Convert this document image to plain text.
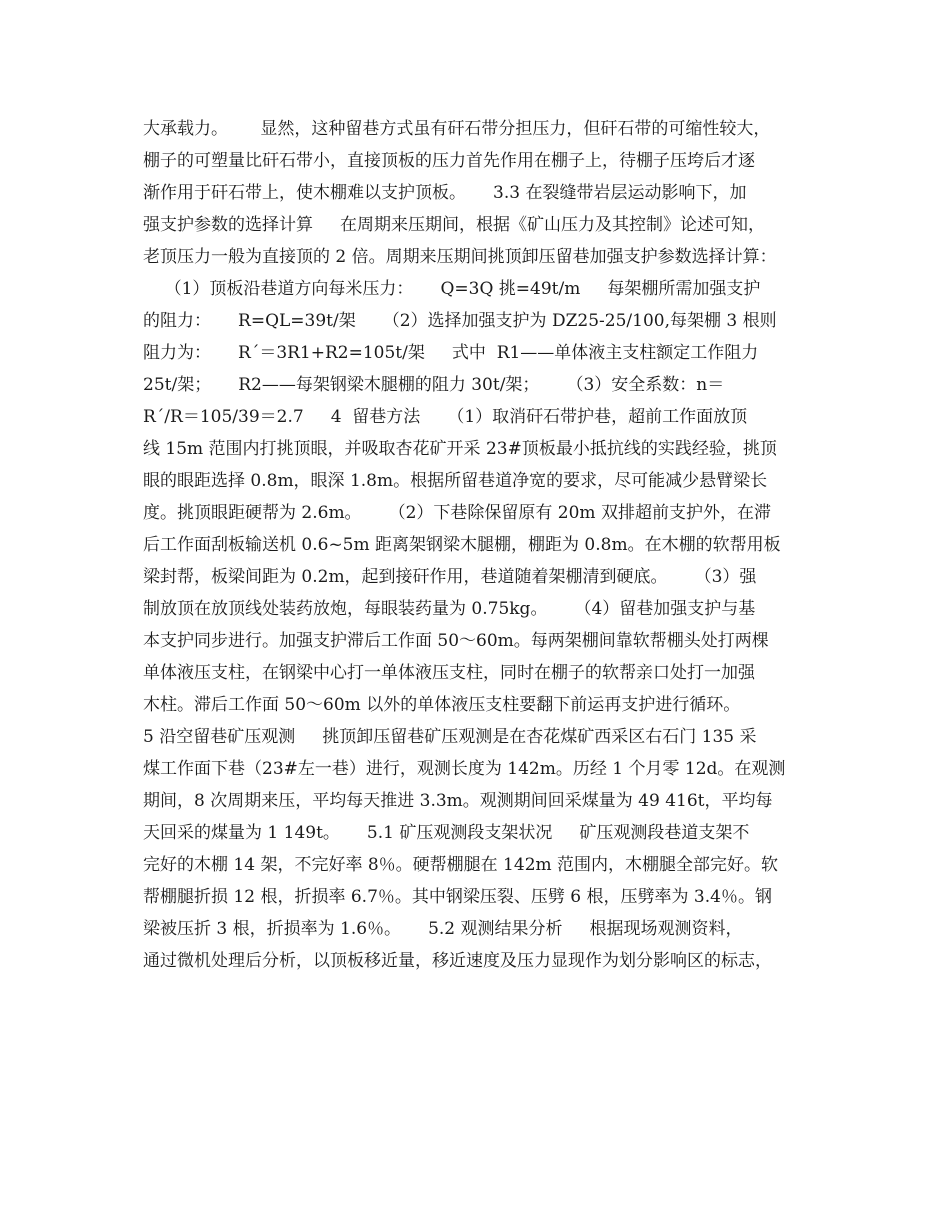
大承载力。      显然，这种留巷方式虽有矸石带分担压力，但矸石带的可缩性较大，
棚子的可塑量比矸石带小，直接顶板的压力首先作用在棚子上，待棚子压垮后才逐
渐作用于矸石带上，使木棚难以支护顶板。     3.3 在裂缝带岩层运动影响下，加
强支护参数的选择计算     在周期来压期间，根据《矿山压力及其控制》论述可知，
老顶压力一般为直接顶的 2 倍。周期来压期间挑顶卸压留巷加强支护参数选择计算：
（1）顶板沿巷道方向每米压力：     Q=3Q 挑=49t/m     每架棚所需加强支护
的阻力：     R=QL=39t/架     （2）选择加强支护为 DZ25-25/100,每架棚 3 根则
阻力为：     R´＝3R1+R2=105t/架     式中  R1——单体液主支柱额定工作阻力
25t/架；     R2——每架钢梁木腿棚的阻力 30t/架；     （3）安全系数：n＝
R´/R＝105/39＝2.7     4  留巷方法     （1）取消矸石带护巷，超前工作面放顶
线 15m 范围内打挑顶眼，并吸取杏花矿开采 23#顶板最小抵抗线的实践经验，挑顶
眼的眼距选择 0.8m，眼深 1.8m。根据所留巷道净宽的要求，尽可能减少悬臂梁长
度。挑顶眼距硬帮为 2.6m。     （2）下巷除保留原有 20m 双排超前支护外，在滞
后工作面刮板输送机 0.6~5m 距离架钢梁木腿棚，棚距为 0.8m。在木棚的软帮用板
梁封帮，板梁间距为 0.2m，起到接矸作用，巷道随着架棚清到硬底。     （3）强
制放顶在放顶线处装药放炮，每眼装药量为 0.75kg。     （4）留巷加强支护与基
本支护同步进行。加强支护滞后工作面 50～60m。每两架棚间靠软帮棚头处打两棵
单体液压支柱，在钢梁中心打一单体液压支柱，同时在棚子的软帮亲口处打一加强
木柱。滞后工作面 50～60m 以外的单体液压支柱要翻下前运再支护进行循环。
5 沿空留巷矿压观测     挑顶卸压留巷矿压观测是在杏花煤矿西采区右石门 135 采
煤工作面下巷（23#左一巷）进行，观测长度为 142m。历经 1 个月零 12d。在观测
期间，8 次周期来压，平均每天推进 3.3m。观测期间回采煤量为 49 416t，平均每
天回采的煤量为 1 149t。     5.1 矿压观测段支架状况     矿压观测段巷道支架不
完好的木棚 14 架，不完好率 8％。硬帮棚腿在 142m 范围内，木棚腿全部完好。软
帮棚腿折损 12 根，折损率 6.7％。其中钢梁压裂、压劈 6 根，压劈率为 3.4％。钢
梁被压折 3 根，折损率为 1.6％。     5.2 观测结果分析     根据现场观测资料，
通过微机处理后分析，以顶板移近量，移近速度及压力显现作为划分影响区的标志，
